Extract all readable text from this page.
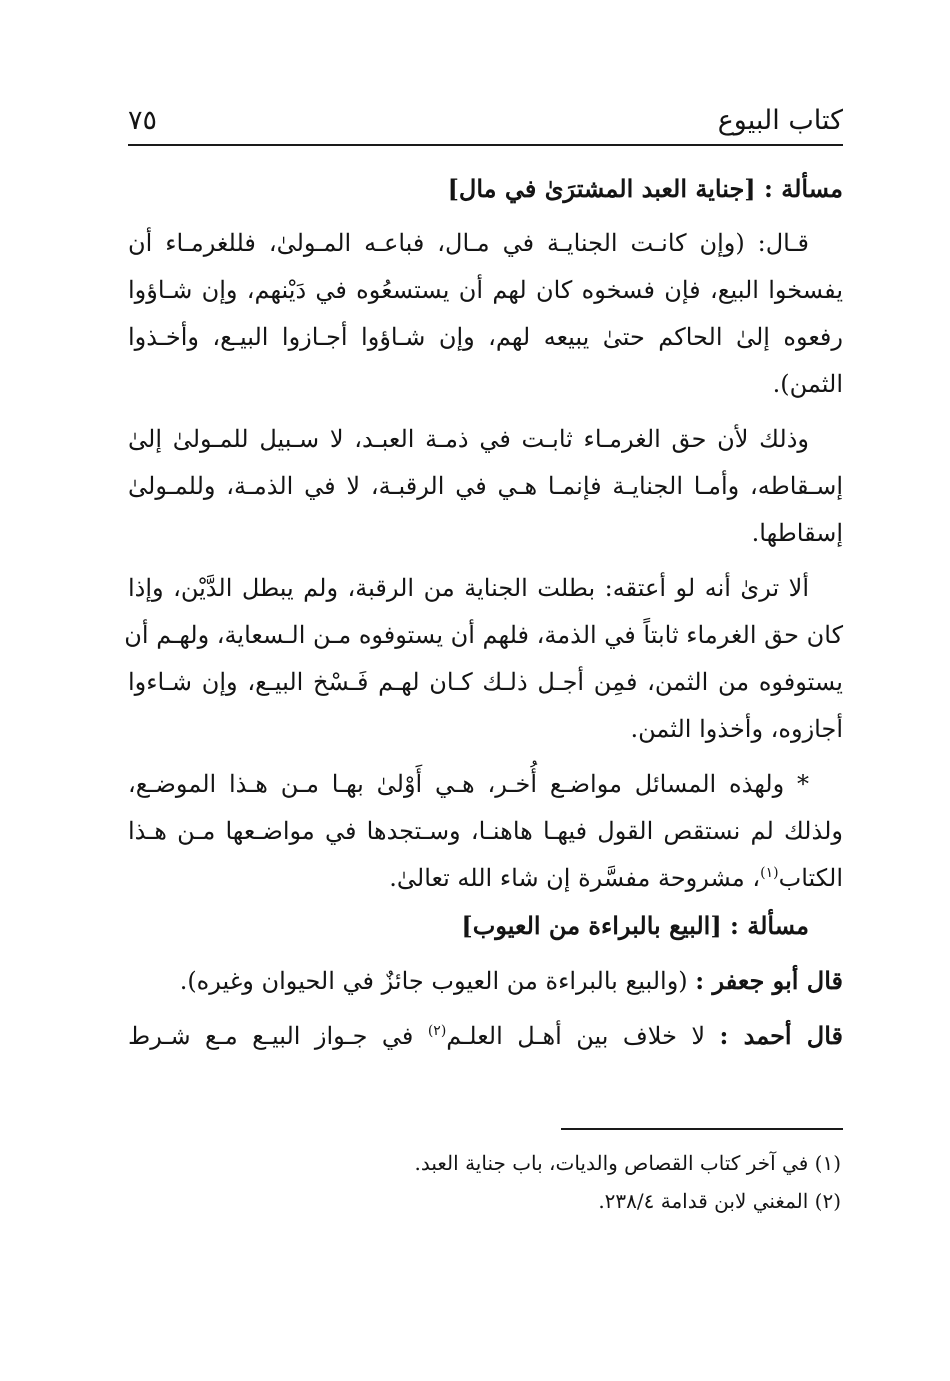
كتاب البيوع
٧٥
مسألة : [جناية العبد المشترَىٰ في مال]
قـال: (وإن كانـت الجنايـة في مـال، فباعـه المـولىٰ، فللغرمـاء أن
يفسخوا البيع، فإن فسخوه كان لهم أن يستسعُوه في دَيْنهم، وإن شـاؤوا
رفعوه إلىٰ الحاكم حتىٰ يبيعه لهم، وإن شـاؤوا أجـازوا البيـع، وأخـذوا
الثمن).
وذلك لأن حق الغرمـاء ثابـت في ذمـة العبـد، لا سـبيل للمـولىٰ إلىٰ
إسـقاطه، وأمـا الجنايـة فإنمـا هـي في الرقبـة، لا في الذمـة، وللمـولىٰ
إسقاطها.
ألا ترىٰ أنه لو أعتقه: بطلت الجناية من الرقبة، ولم يبطل الدَّيْن، وإذا
كان حق الغرماء ثابتاً في الذمة، فلهم أن يستوفوه مـن الـسعاية، ولهـم أن
يستوفوه من الثمن، فمِن أجـل ذلـك كـان لهـم فَـسْخ البيـع، وإن شـاءوا
أجازوه، وأخذوا الثمن.
* ولهذه المسائل مواضـع أُخـر، هـي أَوْلىٰ بهـا مـن هـذا الموضـع،
ولذلك لم نستقص القول فيهـا هاهنـا، وسـتجدها في مواضـعها مـن هـذا
الكتاب$^{(١)}$، مشروحة مفسَّرة إن شاء الله تعالىٰ.
مسألة : [البيع بالبراءة من العيوب]
قال أبو جعفر : (والبيع بالبراءة من العيوب جائزٌ في الحيوان وغيره).
قال أحمد : لا خلاف بين أهـل العلـم$^{(٢)}$ في جـواز البيـع مـع شـرط
(١) في آخر كتاب القصاص والديات، باب جناية العبد.
(٢) المغني لابن قدامة ٢٣٨/٤.
